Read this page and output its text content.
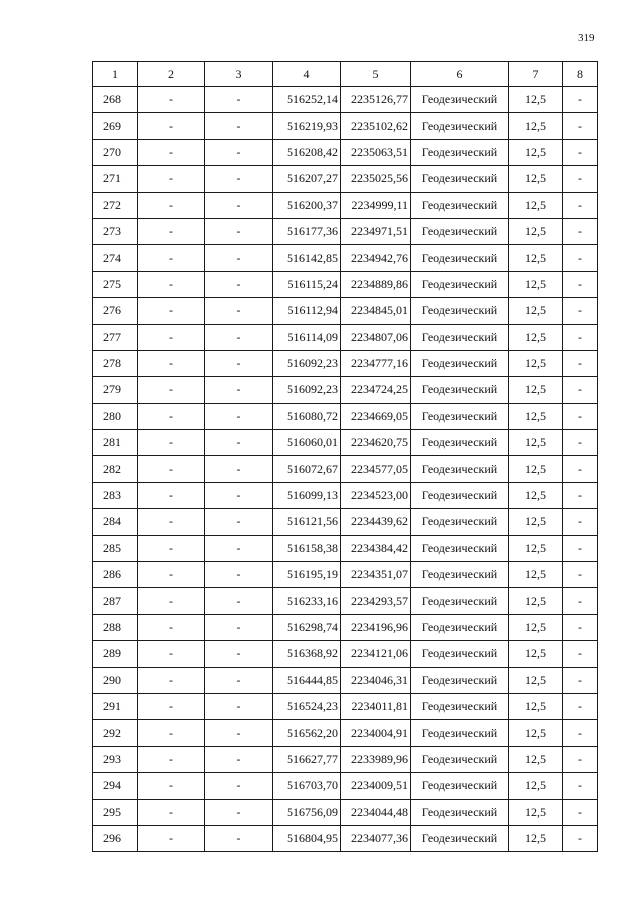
319
1	2	3	4	5	6	7	8
268	-	-	516252,14	2235126,77	Геодезический	12,5	-
269	-	-	516219,93	2235102,62	Геодезический	12,5	-
270	-	-	516208,42	2235063,51	Геодезический	12,5	-
271	-	-	516207,27	2235025,56	Геодезический	12,5	-
272	-	-	516200,37	2234999,11	Геодезический	12,5	-
273	-	-	516177,36	2234971,51	Геодезический	12,5	-
274	-	-	516142,85	2234942,76	Геодезический	12,5	-
275	-	-	516115,24	2234889,86	Геодезический	12,5	-
276	-	-	516112,94	2234845,01	Геодезический	12,5	-
277	-	-	516114,09	2234807,06	Геодезический	12,5	-
278	-	-	516092,23	2234777,16	Геодезический	12,5	-
279	-	-	516092,23	2234724,25	Геодезический	12,5	-
280	-	-	516080,72	2234669,05	Геодезический	12,5	-
281	-	-	516060,01	2234620,75	Геодезический	12,5	-
282	-	-	516072,67	2234577,05	Геодезический	12,5	-
283	-	-	516099,13	2234523,00	Геодезический	12,5	-
284	-	-	516121,56	2234439,62	Геодезический	12,5	-
285	-	-	516158,38	2234384,42	Геодезический	12,5	-
286	-	-	516195,19	2234351,07	Геодезический	12,5	-
287	-	-	516233,16	2234293,57	Геодезический	12,5	-
288	-	-	516298,74	2234196,96	Геодезический	12,5	-
289	-	-	516368,92	2234121,06	Геодезический	12,5	-
290	-	-	516444,85	2234046,31	Геодезический	12,5	-
291	-	-	516524,23	2234011,81	Геодезический	12,5	-
292	-	-	516562,20	2234004,91	Геодезический	12,5	-
293	-	-	516627,77	2233989,96	Геодезический	12,5	-
294	-	-	516703,70	2234009,51	Геодезический	12,5	-
295	-	-	516756,09	2234044,48	Геодезический	12,5	-
296	-	-	516804,95	2234077,36	Геодезический	12,5	-
